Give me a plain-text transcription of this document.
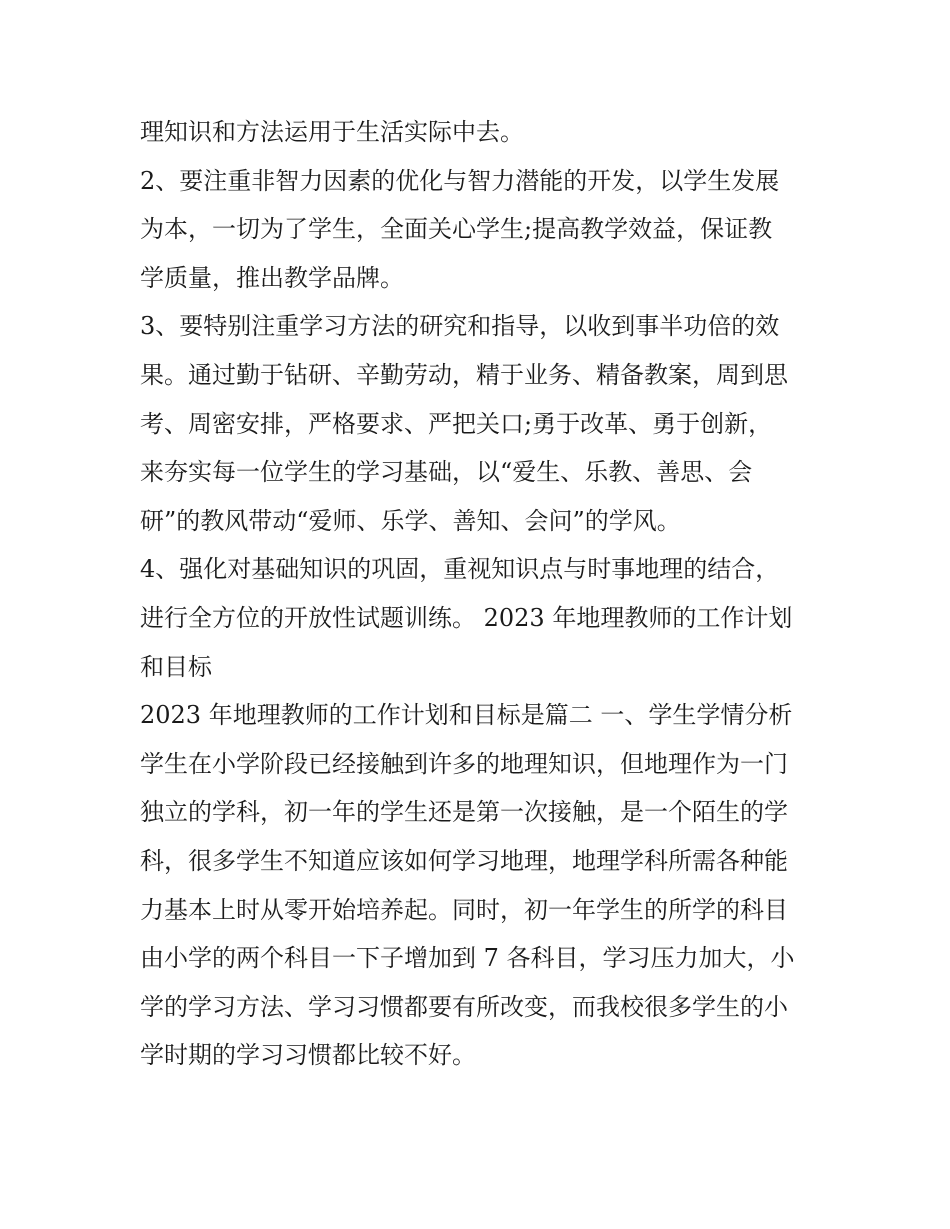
理知识和方法运用于生活实际中去。
2、要注重非智力因素的优化与智力潜能的开发，以学生发展
为本，一切为了学生，全面关心学生;提高教学效益，保证教
学质量，推出教学品牌。
3、要特别注重学习方法的研究和指导，以收到事半功倍的效
果。通过勤于钻研、辛勤劳动，精于业务、精备教案，周到思
考、周密安排，严格要求、严把关口;勇于改革、勇于创新，
来夯实每一位学生的学习基础，以“爱生、乐教、善思、会
研”的教风带动“爱师、乐学、善知、会问”的学风。
4、强化对基础知识的巩固，重视知识点与时事地理的结合，
进行全方位的开放性试题训练。 2023 年地理教师的工作计划
和目标
2023 年地理教师的工作计划和目标是篇二 一、学生学情分析
学生在小学阶段已经接触到许多的地理知识，但地理作为一门
独立的学科，初一年的学生还是第一次接触，是一个陌生的学
科，很多学生不知道应该如何学习地理，地理学科所需各种能
力基本上时从零开始培养起。同时，初一年学生的所学的科目
由小学的两个科目一下子增加到 7 各科目，学习压力加大，小
学的学习方法、学习习惯都要有所改变，而我校很多学生的小
学时期的学习习惯都比较不好。
